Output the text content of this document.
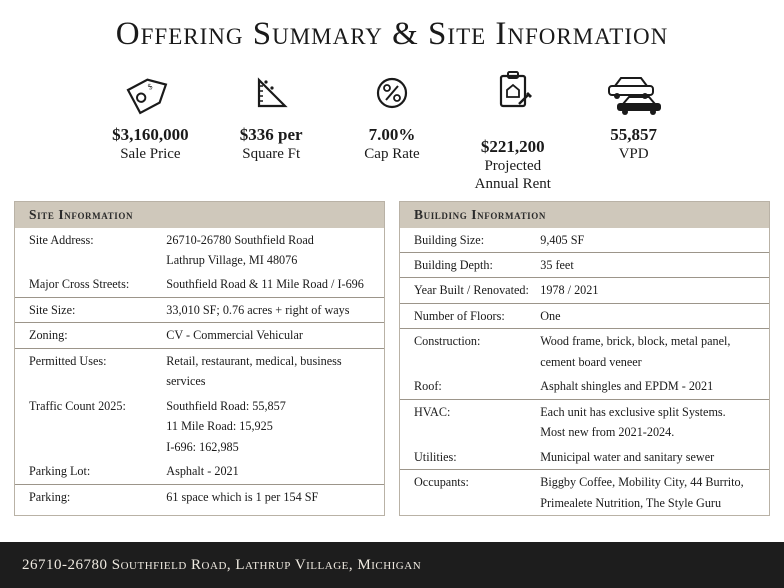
Offering Summary & Site Information
$
$3,160,000
Sale Price
$336 per
Square Ft
7.00%
Cap Rate	$221,200
Projected
Annual Rent
55,857
VPD
Site Information
Site Address:	26710-26780 Southfield Road
	Lathrup Village, MI 48076
Major Cross Streets:	Southfield Road & 11 Mile Road / I-696
Site Size:	33,010 SF; 0.76 acres + right of ways
Zoning:	CV - Commercial Vehicular
Permitted Uses:	Retail, restaurant, medical, business
	services
Traffic Count 2025:	Southfield Road: 55,857
	11 Mile Road: 15,925
	I-696: 162,985
Parking Lot:	Asphalt - 2021
Parking:	61 space which is 1 per 154 SF
Building Information
Building Size:	9,405 SF
Building Depth:	35 feet
Year Built / Renovated:	1978 / 2021
Number of Floors:	One
Construction:	Wood frame, brick, block, metal panel,
	cement board veneer
Roof:	Asphalt shingles and EPDM - 2021
HVAC:	Each unit has exclusive split Systems.
	Most new from 2021-2024.
Utilities:	Municipal water and sanitary sewer
Occupants:	Biggby Coffee, Mobility City, 44 Burrito,
	Primealete Nutrition, The Style Guru
26710-26780 Southfield Road, Lathrup Village, Michigan
